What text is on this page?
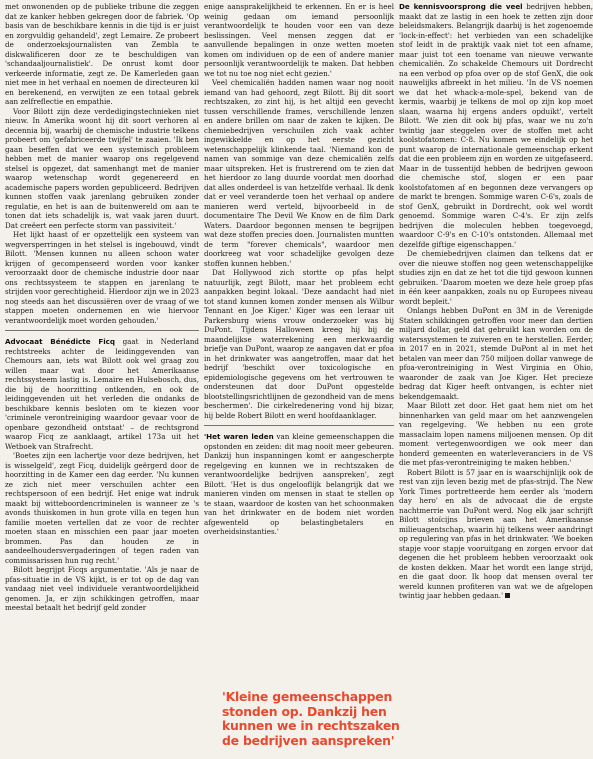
met onwonenden op de publieke tribune die zeggen dat ze kanker hebben gekregen door de fabriek. 'Op basis van de beschikbare kennis in die tijd is er juist en zorgvuldig gehandeld', zegt Lemaire. Ze probeert de onderzoeksjournalisten van Zembla te diskwalificeren door ze te beschuldigen van 'schandaaljournalistiek'. De onrust komt door verkeerde informatie, zegt ze. De Kamerleden gaan niet mee in het verhaal en noemen de directeuren kil en berekenend, en verwijten ze een totaal gebrek aan zelfreflectie en empathie.

Voor Bilott zijn deze verdedigingstechnieken niet nieuw. In Amerika woont hij dit soort verhoren al decennia bij, waarbij de chemische industrie telkens probeert om 'gefabriceerde twijfel' te zaaien. 'Ik ben gaan beseffen dat we een systemisch probleem hebben met de manier waarop ons regelgevend stelsel is opgezet, dat samenhangt met de manier waarop wetenschap wordt gegenereerd en academische papers worden gepubliceerd. Bedrijven kunnen stoffen vaak jarenlang gebruiken zonder regulatie, en het is aan de buitenwereld om aan te tonen dat iets schadelijk is, wat vaak jaren duurt. Dat creëert een perfecte storm van passiviteit.'

Het lijkt haast of er opzettelijk een systeem van wegversperringen in het stelsel is ingebouwd, vindt Bilott. 'Mensen kunnen nu alleen schoon water krijgen of gecompenseerd worden voor kanker veroorzaakt door de chemische industrie door naar ons rechtssysteem te stappen en jarenlang te strijden voor gerechtigheid. Hierdoor zijn we in 2023 nog steeds aan het discussiëren over de vraag of we stappen moeten ondernemen en wie hiervoor verantwoordelijk moet worden gehouden.'

Advocaat Bénédicte Ficq gaat in Nederland rechtstreeks achter de leidinggevenden van Chemours aan, iets wat Bilott ook wel graag zou willen maar wat door het Amerikaanse rechtssysteem lastig is. Lemaire en Hulsebosch, dus, die bij de hoorzitting ontkenden, en ook de leidinggevenden uit het verleden die ondanks de beschikbare kennis besloten om te kiezen voor 'criminele verontreiniging waardoor gevaar voor de openbare gezondheid ontstaat' – de rechtsgrond waarop Ficq ze aanklaagt, artikel 173a uit het Wetboek van Strafrecht.

'Boetes zijn een lachertje voor deze bedrijven, het is wisselgeld', zegt Ficq, duidelijk geërgerd door de hoorzitting in de Kamer een dag eerder. 'Nu kunnen ze zich niet meer verschuilen achter een rechtspersoon of een bedrijf. Het enige wat indruk maakt bij witteboordencriminelen is wanneer ze 's avonds thuiskomen in hun grote villa en tegen hun familie moeten vertellen dat ze voor de rechter moeten staan en misschien een paar jaar moeten brommen. Pas dan houden ze in aandeelhoudersvergaderingen of tegen raden van commissarissen hun rug recht.'

Bilott begrijpt Ficqs argumentatie. 'Als je naar de pfas-situatie in de VS kijkt, is er tot op de dag van vandaag niet veel individuele verantwoordelijkheid genomen. Ja, er zijn schikkingen getroffen, maar meestal betaalt het bedrijf geld zonder

enige aansprakelijkheid te erkennen. En er is heel weinig gedaan om iemand persoonlijk verantwoordelijk te houden voor een van deze beslissingen. Veel mensen zeggen dat er aanvullende bepalingen in onze wetten moeten komen om individuen op de een of andere manier persoonlijk verantwoordelijk te maken. Dat hebben we tot nu toe nog niet echt gezien.'

Veel chemicaliën hadden namen waar nog nooit iemand van had gehoord, zegt Bilott. Bij dit soort rechtszaken, zo zint hij, is het altijd een gevecht tussen verschillende frames, verschillende lenzen en andere brillen om naar de zaken te kijken. De chemiebedrijven verschuilen zich vaak achter ingewikkelde en op het eerste gezicht wetenschappelijk klinkende taal. 'Niemand kon de namen van sommige van deze chemicaliën zelfs maar uitspreken. Het is frustrerend om te zien dat het hierdoor zo lang duurde voordat men doorhad dat alles onderdeel is van hetzelfde verhaal. Ik denk dat er veel veranderde toen het verhaal op andere manieren werd verteld, bijvoorbeeld in de documentaire The Devil We Know en de film Dark Waters. Daardoor begonnen mensen te begrijpen wat deze stoffen precies doen. Journalisten muntten de term "forever chemicals", waardoor men doorkreeg wat voor schadelijke gevolgen deze stoffen kunnen hebben.'

Dat Hollywood zich stortte op pfas helpt natuurlijk, zegt Bilott, maar het probleem echt aanpakken begint lokaal. 'Deze aandacht had niet tot stand kunnen komen zonder mensen als Wilbur Tennant en Joe Kiger.' Kiger was een leraar uit Parkersburg wiens vrouw onderzoeker was bij DuPont. Tijdens Halloween kreeg hij bij de maandelijkse waterrekening een merkwaardig briefje van DuPont, waarop ze aangaven dat er pfoa in het drinkwater was aangetroffen, maar dat het bedrijf 'beschikt over toxicologische en epidemiologische gegevens om het vertrouwen te ondersteunen dat door DuPont opgestelde blootstellingsrichtlijnen de gezondheid van de mens beschermen'. Die cirkelredenering vond hij bizar, hij belde Robert Bilott en werd hoofdaanklager.

'Het waren leden van kleine gemeenschappen die opstonden en zeiden: dit mag nooit meer gebeuren. Dankzij hun inspanningen komt er aangescherpte regelgeving en kunnen we in rechtszaken de verantwoordelijke bedrijven aanspreken', zegt Bilott. 'Het is dus ongelooflijk belangrijk dat we manieren vinden om mensen in staat te stellen op te staan, waardoor de kosten van het schoonmaken van het drinkwater en de bodem niet worden afgewenteld op belastingbetalers en overheidsinstanties.'

De kennisvoorsprong die veel bedrijven hebben, maakt dat ze lastig in een hoek te zetten zijn door beleidsmakers. Belangrijk daarbij is het zogenoemde 'lock-in-effect': het verbieden van een schadelijke stof leidt in de praktijk vaak niet tot een afname, maar juist tot een toename van nieuwe verwante chemicaliën. Zo schakelde Chemours uit Dordrecht na een verbod op pfoa over op de stof GenX, die ook nauwelijks afbreekt in het milieu. 'In de VS noemen we dat het whack-a-mole-spel, bekend van de kermis, waarbij je telkens de mol op zijn kop moet slaan, waarna hij ergens anders opduikt', vertelt Bilott. 'We zien dit ook bij pfas, waar we nu zo'n twintig jaar steggelen over de stoffen met acht koolstofatomen: C-8. Nu komen we eindelijk op het punt waarop de internationale gemeenschap erkent dat die een probleem zijn en worden ze uitgefaseerd. Maar in de tussentijd hebben de bedrijven gewoon die chemische stof, slogen er een paar koolstofatomen af en begonnen deze vervangers op de markt te brengen. Sommige waren C-6's, zoals de stof GenX, gebruikt in Dordrecht, ook wel wordt genoemd. Sommige waren C-4's. Er zijn zelfs bedrijven die moleculen hebben toegevoegd, waardoor C-9's en C-10's ontstonden. Allemaal met dezelfde giftige eigenschappen.'

De chemiebedrijven claimen dan telkens dat er over die nieuwe stoffen nog geen wetenschappelijke studies zijn en dat ze het tot die tijd gewoon kunnen gebruiken. 'Daarom moeten we deze hele groep pfas in één keer aanpakken, zoals nu op Europees niveau wordt bepleit.'

Onlangs hebben DuPont en 3M in de Verenigde Staten schikkingen getroffen voor meer dan dertien miljard dollar, geld dat gebruikt kan worden om de waterssystemen te zuiveren en te herstellen. Eerder, in 2017 en in 2021, stemde DuPont al in met het betalen van meer dan 750 miljoen dollar vanwege de pfoa-verontreiniging in West Virginia en Ohio, waaronder de zaak van Joe Kiger. Het precieze bedrag dat Kiger heeft ontvangen, is echter niet bekendgemaakt.

Maar Bilott zet door. Het gaat hem niet om het binnenharken van geld maar om het aanzwengelen van regelgeving. 'We hebben nu een grote massaclaim lopen namens miljoenen mensen. Op dit moment vertegenwoordigen we ook meer dan honderd gemeenten en waterleveranciers in de VS die met pfas-verontreiniging te maken hebben.'

Robert Bilott is 57 jaar en is waarschijnlijk ook de rest van zijn leven bezig met de pfas-strijd. The New York Times portretteerde hem eerder als 'modern day hero' en als de advocaat die de ergste nachtmerrie van DuPont werd. Nog elk jaar schrijft Bilott stoïcijns brieven aan het Amerikaanse milieuagentschap, waarin hij telkens weer aandringt op regulering van pfas in het drinkwater. 'We boeken stapje voor stapje vooruitgang en zorgen ervoor dat degenen die het probleem hebben veroorzaakt ook de kosten dekken. Maar het wordt een lange strijd, en die gaat door. Ik hoop dat mensen overal ter wereld kunnen profiteren van wat we de afgelopen twintig jaar hebben gedaan.'

'Kleine gemeenschappen stonden op. Dankzij hen kunnen we in rechtszaken de bedrijven aanspreken'
